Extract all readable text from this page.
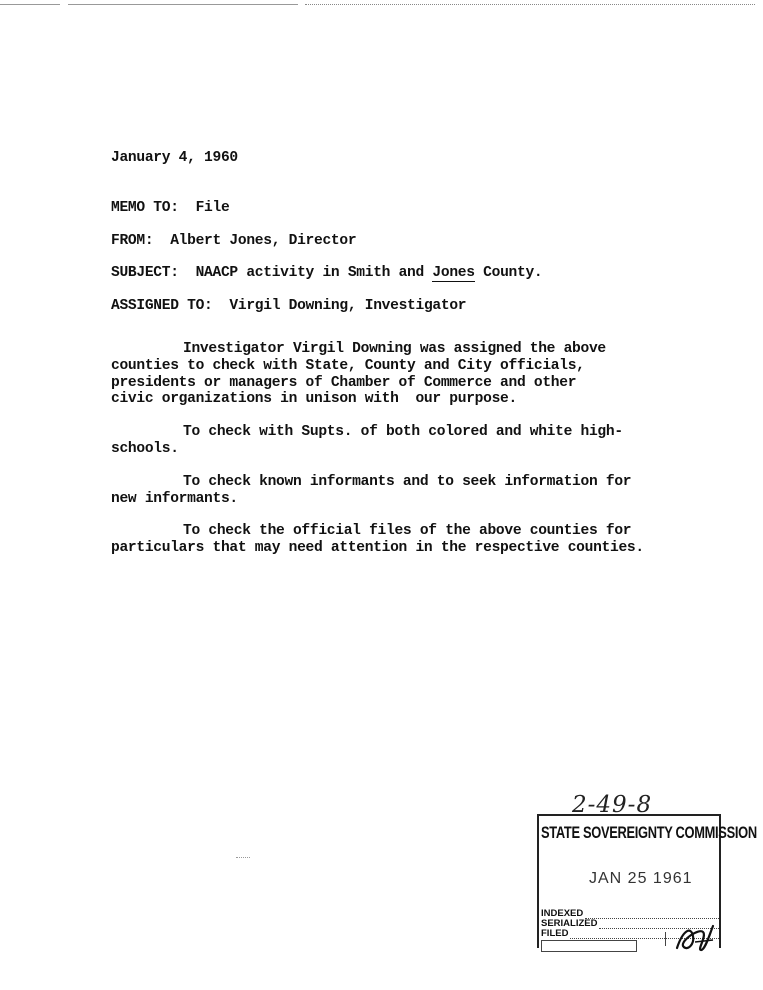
January 4, 1960
MEMO TO: File
FROM: Albert Jones, Director
SUBJECT: NAACP activity in Smith and Jones County.
ASSIGNED TO: Virgil Downing, Investigator
Investigator Virgil Downing was assigned the above
counties to check with State, County and City officials,
presidents or managers of Chamber of Commerce and other
civic organizations in unison with  our purpose.
To check with Supts. of both colored and white high-
schools.
To check known informants and to seek information for
new informants.
To check the official files of the above counties for
particulars that may need attention in the respective counties.
2-49-8
STATE SOVEREIGNTY COMMISSION
JAN 25 1961
INDEXED
SERIALIZED
FILED
